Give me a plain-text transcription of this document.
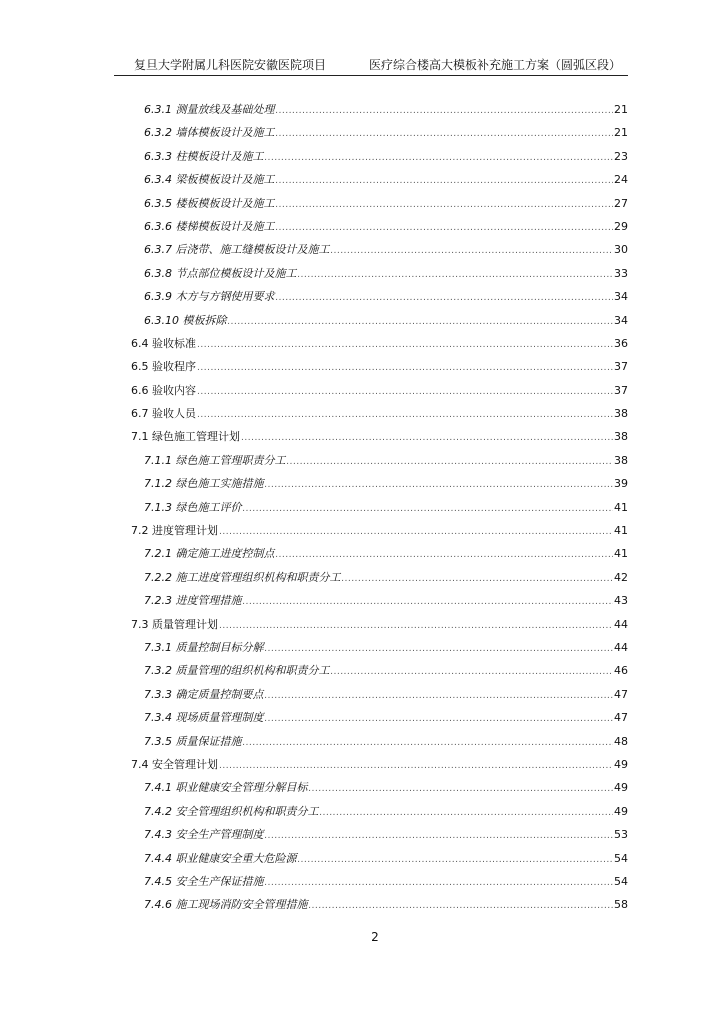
复旦大学附属儿科医院安徽医院项目	医疗综合楼高大模板补充施工方案（圆弧区段）
6.3.1 测量放线及基础处理 .....	21
6.3.2 墙体模板设计及施工 .....	21
6.3.3 柱模板设计及施工 .....	23
6.3.4 梁板模板设计及施工 .....	24
6.3.5 楼板模板设计及施工 .....	27
6.3.6 楼梯模板设计及施工 .....	29
6.3.7 后浇带、施工缝模板设计及施工 .....	30
6.3.8 节点部位模板设计及施工 .....	33
6.3.9 木方与方钢使用要求 .....	34
6.3.10 模板拆除 .....	34
6.4 验收标准 .....	36
6.5 验收程序 .....	37
6.6 验收内容 .....	37
6.7 验收人员 .....	38
7.1 绿色施工管理计划 .....	38
7.1.1 绿色施工管理职责分工 .....	38
7.1.2 绿色施工实施措施 .....	39
7.1.3 绿色施工评价 .....	41
7.2 进度管理计划 .....	41
7.2.1 确定施工进度控制点 .....	41
7.2.2 施工进度管理组织机构和职责分工 .....	42
7.2.3 进度管理措施 .....	43
7.3 质量管理计划 .....	44
7.3.1 质量控制目标分解 .....	44
7.3.2 质量管理的组织机构和职责分工 .....	46
7.3.3 确定质量控制要点 .....	47
7.3.4 现场质量管理制度 .....	47
7.3.5 质量保证措施 .....	48
7.4 安全管理计划 .....	49
7.4.1 职业健康安全管理分解目标 .....	49
7.4.2 安全管理组织机构和职责分工 .....	49
7.4.3 安全生产管理制度 .....	53
7.4.4 职业健康安全重大危险源 .....	54
7.4.5 安全生产保证措施 .....	54
7.4.6 施工现场消防安全管理措施 .....	58
2
